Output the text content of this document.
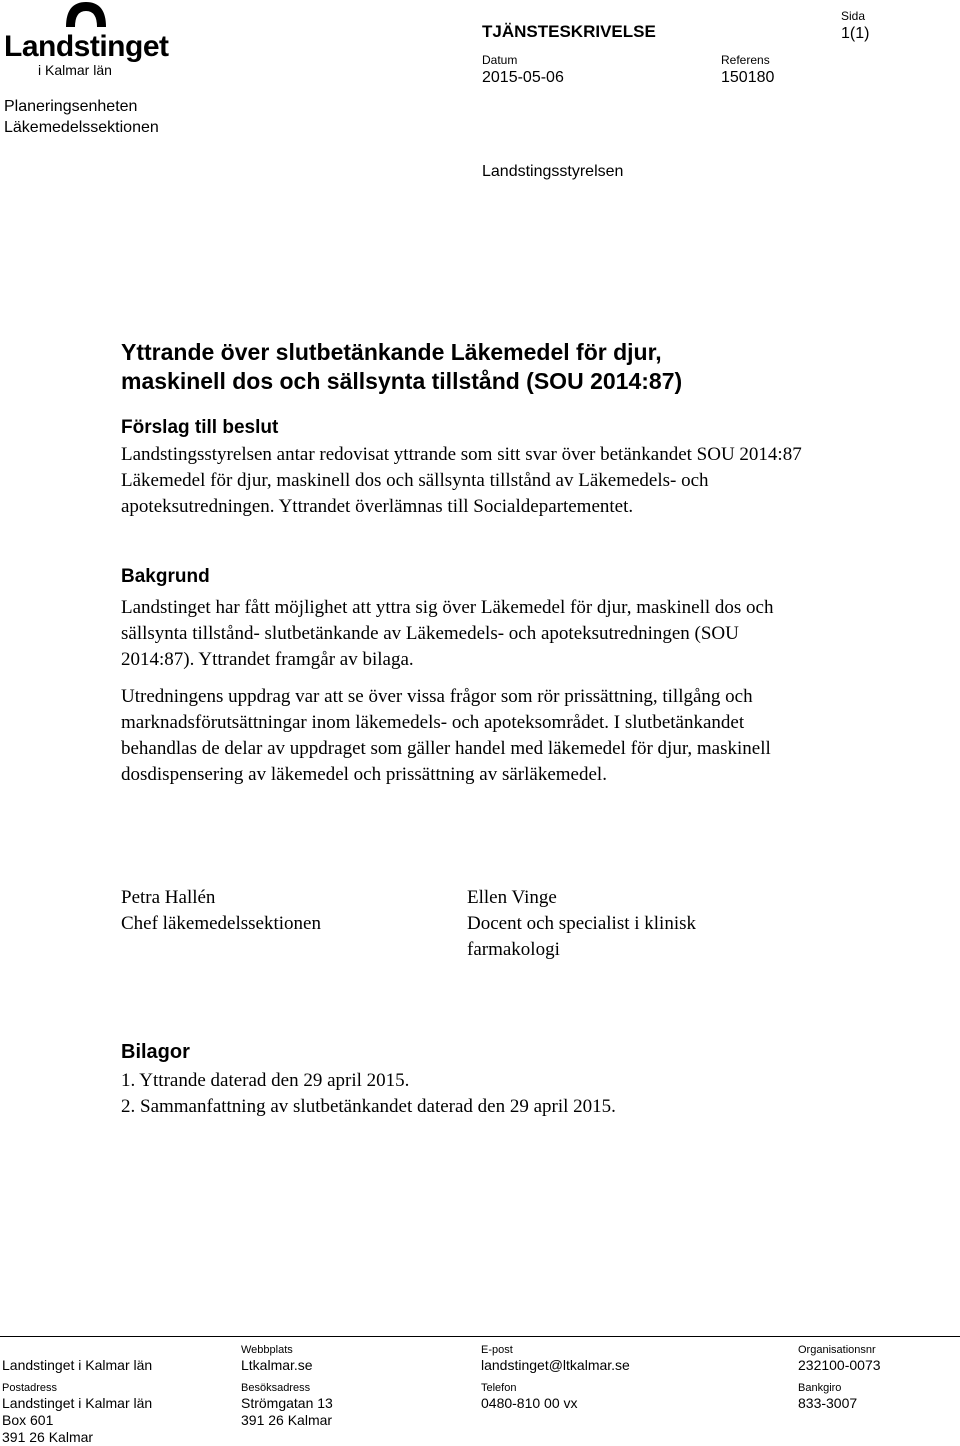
Landstinget
i Kalmar län
Planeringsenheten
Läkemedelssektionen
TJÄNSTESKRIVELSE
Datum
2015-05-06
Referens
150180
Sida
1(1)
Landstingsstyrelsen
Yttrande över slutbetänkande Läkemedel för djur,
maskinell dos och sällsynta tillstånd (SOU 2014:87)
Förslag till beslut
Landstingsstyrelsen antar redovisat yttrande som sitt svar över betänkandet SOU 2014:87 Läkemedel för djur, maskinell dos och sällsynta tillstånd av Läkemedels- och apoteksutredningen. Yttrandet överlämnas till Socialdepartementet.
Bakgrund
Landstinget har fått möjlighet att yttra sig över Läkemedel för djur, maskinell dos och sällsynta tillstånd- slutbetänkande av Läkemedels- och apoteksutredningen (SOU 2014:87). Yttrandet framgår av bilaga.
Utredningens uppdrag var att se över vissa frågor som rör prissättning, tillgång och marknadsförutsättningar inom läkemedels- och apoteksområdet. I slutbetänkandet behandlas de delar av uppdraget som gäller handel med läkemedel för djur, maskinell dosdispensering av läkemedel och prissättning av särläkemedel.
Petra Hallén
Chef läkemedelssektionen
Ellen Vinge
Docent och specialist i klinisk farmakologi
Bilagor
1. Yttrande daterad den 29 april 2015.
2. Sammanfattning av slutbetänkandet daterad den 29 april 2015.
Landstinget i Kalmar län
Webbplats
Ltkalmar.se
E-post
landstinget@ltkalmar.se
Organisationsnr
232100-0073
Postadress
Landstinget i Kalmar län
Box 601
391 26 Kalmar
Besöksadress
Strömgatan 13
391 26 Kalmar
Telefon
0480-810 00 vx
Bankgiro
833-3007
